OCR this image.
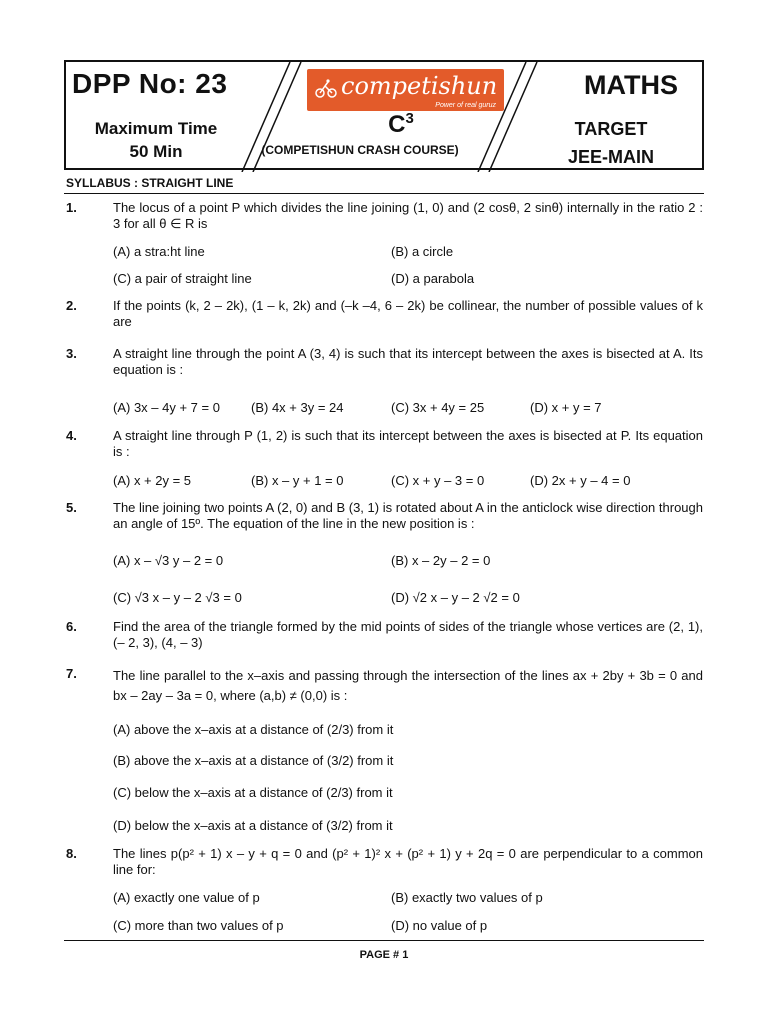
DPP No: 23
Maximum Time
50 Min
competishun
Power of real guruz
$C^3$
(COMPETISHUN CRASH COURSE)
MATHS
TARGET
JEE-MAIN
SYLLABUS : STRAIGHT LINE
1.	The locus of a point P which divides the line joining (1, 0) and (2 cosθ, 2 sinθ) internally in the ratio 2 : 3 for all θ ∈ R is
(A) a stra:ht line	(B) a circle
(C) a pair of straight line	(D) a parabola
2.	If the points (k, 2 – 2k), (1 – k, 2k) and (–k –4, 6 – 2k) be collinear, the number of possible values of k are
3.	A straight line through the point A (3, 4) is such that its intercept between the axes is bisected at A. Its equation is :
(A) 3x – 4y + 7 = 0 (B) 4x + 3y = 24	(C) 3x + 4y = 25	(D) x + y = 7
4.	A straight line through P (1, 2) is such that its intercept between the axes is bisected at P. Its equation is :
(A) x + 2y = 5	(B) x – y + 1 = 0	(C) x + y – 3 = 0	(D) 2x + y – 4 = 0
5.	The line joining two points A (2, 0) and B (3, 1) is rotated about A in the anticlock wise direction through an angle of 15º. The equation of the line in the new position is :
(A) x – √3 y – 2 = 0	(B) x – 2y – 2 = 0
(C) √3 x – y – 2 √3 = 0	(D) √2 x – y – 2 √2 = 0
6.	Find the area of the triangle formed by the mid points of sides of the triangle whose vertices are (2, 1), (– 2, 3), (4, – 3)
7.	The line parallel to the x–axis and passing through the intersection of the lines ax + 2by + 3b = 0 and bx – 2ay – 3a = 0, where (a,b) ≠ (0,0) is :
(A) above the x–axis at a distance of (2/3) from it
(B) above the x–axis at a distance of (3/2) from it
(C) below the x–axis at a distance of (2/3) from it
(D) below the x–axis at a distance of (3/2) from it
8.	The lines p(p² + 1) x – y + q = 0 and (p² + 1)² x + (p² + 1) y + 2q = 0 are perpendicular to a common line for:
(A) exactly one value of p	(B) exactly two values of p
(C) more than two values of p	(D) no value of p
PAGE # 1
